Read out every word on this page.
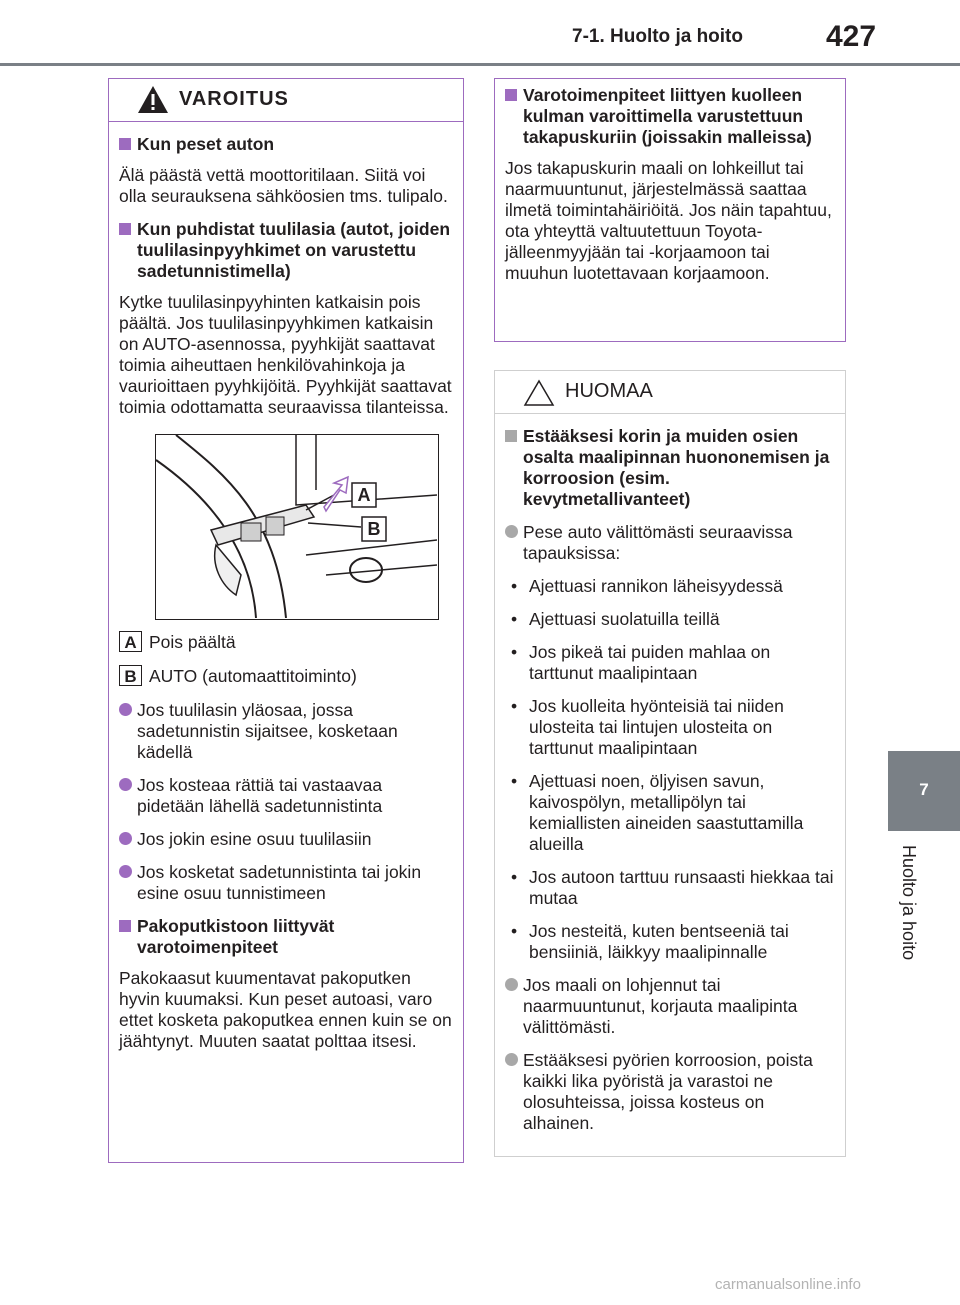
7-1. Huolto ja hoito	427
7
Huolto ja hoito
VAROITUS
Kun peset auton
Älä päästä vettä moottoritilaan. Siitä voi olla seurauksena sähköosien tms. tulipalo.
Kun puhdistat tuulilasia (autot, joiden tuulilasinpyyhkimet on varustettu sadetunnistimella)
Kytke tuulilasinpyyhinten katkaisin pois päältä. Jos tuulilasinpyyhkimen katkaisin on AUTO-asennossa, pyyhkijät saattavat toimia aiheuttaen henkilövahinkoja ja vaurioittaen pyyhkijöitä. Pyyhkijät saattavat toimia odottamatta seuraavissa tilanteissa.
A
B
A Pois päältä
B AUTO (automaattitoiminto)
Jos tuulilasin yläosaa, jossa sadetunnistin sijaitsee, kosketaan kädellä
Jos kosteaa rättiä tai vastaavaa pidetään lähellä sadetunnistinta
Jos jokin esine osuu tuulilasiin
Jos kosketat sadetunnistinta tai jokin esine osuu tunnistimeen
Pakoputkistoon liittyvät varotoimenpiteet
Pakokaasut kuumentavat pakoputken hyvin kuumaksi. Kun peset autoasi, varo ettet kosketa pakoputkea ennen kuin se on jäähtynyt. Muuten saatat polttaa itsesi.
Varotoimenpiteet liittyen kuolleen kulman varoittimella varustettuun takapuskuriin (joissakin malleissa)
Jos takapuskurin maali on lohkeillut tai naarmuuntunut, järjestelmässä saattaa ilmetä toimintahäiriöitä. Jos näin tapahtuu, ota yhteyttä valtuutettuun Toyota-jälleenmyyjään tai -korjaamoon tai muuhun luotettavaan korjaamoon.
HUOMAA
Estääksesi korin ja muiden osien osalta maalipinnan huononemisen ja korroosion (esim. kevytmetallivanteet)
Pese auto välittömästi seuraavissa tapauksissa:
• Ajettuasi rannikon läheisyydessä
• Ajettuasi suolatuilla teillä
• Jos pikeä tai puiden mahlaa on tarttunut maalipintaan
• Jos kuolleita hyönteisiä tai niiden ulosteita tai lintujen ulosteita on tarttunut maalipintaan
• Ajettuasi noen, öljyisen savun, kaivospölyn, metallipölyn tai kemiallisten aineiden saastuttamilla alueilla
• Jos autoon tarttuu runsaasti hiekkaa tai mutaa
• Jos nesteitä, kuten bentseeniä tai bensiiniä, läikkyy maalipinnalle
Jos maali on lohjennut tai naarmuuntunut, korjauta maalipinta välittömästi.
Estääksesi pyörien korroosion, poista kaikki lika pyöristä ja varastoi ne olosuhteissa, joissa kosteus on alhainen.
carmanualsonline.info
